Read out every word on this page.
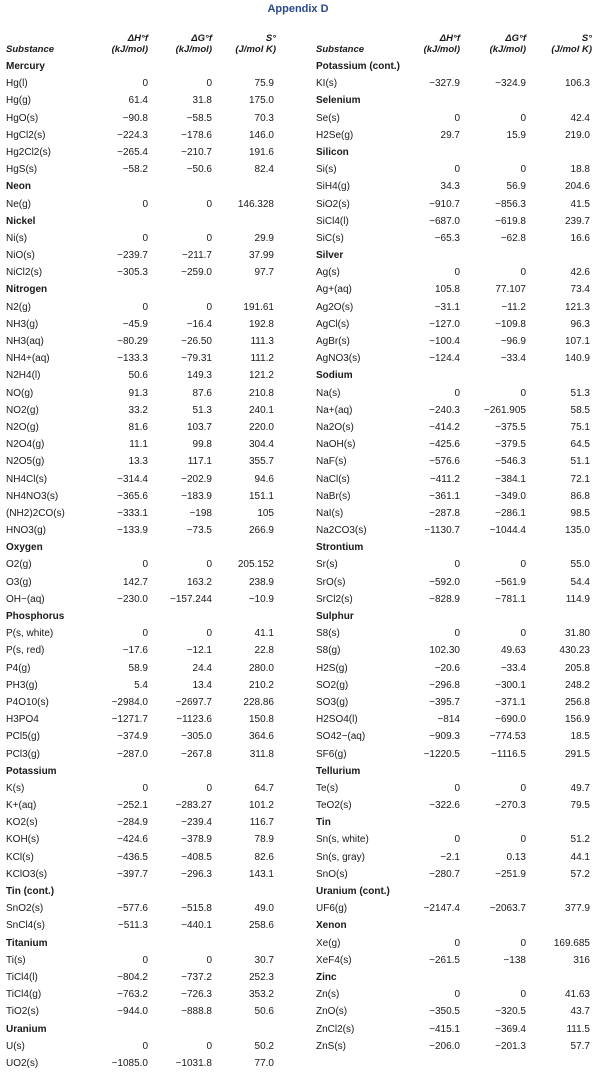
Appendix D
Substance
ΔH°f
(kJ/mol)
ΔG°f
(kJ/mol)
S°
(J/mol K)
Mercury
Hg(l)	0	0	75.9
Hg(g)	61.4	31.8	175.0
HgO(s)	−90.8	−58.5	70.3
HgCl2(s)	−224.3	−178.6	146.0
Hg2Cl2(s)	−265.4	−210.7	191.6
HgS(s)	−58.2	−50.6	82.4
Neon
Ne(g)	0	0	146.328
Nickel
Ni(s)	0	0	29.9
NiO(s)	−239.7	−211.7	37.99
NiCl2(s)	−305.3	−259.0	97.7
Nitrogen
N2(g)	0	0	191.61
NH3(g)	−45.9	−16.4	192.8
NH3(aq)	−80.29	−26.50	111.3
NH4+(aq)	−133.3	−79.31	111.2
N2H4(l)	50.6	149.3	121.2
NO(g)	91.3	87.6	210.8
NO2(g)	33.2	51.3	240.1
N2O(g)	81.6	103.7	220.0
N2O4(g)	11.1	99.8	304.4
N2O5(g)	13.3	117.1	355.7
NH4Cl(s)	−314.4	−202.9	94.6
NH4NO3(s)	−365.6	−183.9	151.1
(NH2)2CO(s)	−333.1	−198	105
HNO3(g)	−133.9	−73.5	266.9
Oxygen
O2(g)	0	0	205.152
O3(g)	142.7	163.2	238.9
OH−(aq)	−230.0 −157.244	−10.9
Phosphorus
P(s, white)	0	0	41.1
P(s, red)	−17.6	−12.1	22.8
P4(g)	58.9	24.4	280.0
PH3(g)	5.4	13.4	210.2
P4O10(s)	−2984.0	−2697.7	228.86
H3PO4	−1271.7	−1123.6	150.8
PCl5(g)	−374.9	−305.0	364.6
PCl3(g)	−287.0	−267.8	311.8
Potassium
K(s)	0	0	64.7
K+(aq)	−252.1	−283.27	101.2
KO2(s)	−284.9	−239.4	116.7
KOH(s)	−424.6	−378.9	78.9
KCl(s)	−436.5	−408.5	82.6
KClO3(s)	−397.7	−296.3	143.1
Tin (cont.)
SnO2(s)	−577.6	−515.8	49.0
SnCl4(s)	−511.3	−440.1	258.6
Titanium
Ti(s)	0	0	30.7
TiCl4(l)	−804.2	−737.2	252.3
TiCl4(g)	−763.2	−726.3	353.2
TiO2(s)	−944.0	−888.8	50.6
Uranium
U(s)	0	0	50.2
UO2(s)	−1085.0	−1031.8	77.0
Substance
ΔH°f
(kJ/mol)
ΔG°f
(kJ/mol)
S°
(J/mol K)
Potassium (cont.)
KI(s)	−327.9	−324.9	106.3
Selenium
Se(s)	0	0	42.4
H2Se(g)	29.7	15.9	219.0
Silicon
Si(s)	0	0	18.8
SiH4(g)	34.3	56.9	204.6
SiO2(s)	−910.7	−856.3	41.5
SiCl4(l)	−687.0	−619.8	239.7
SiC(s)	−65.3	−62.8	16.6
Silver
Ag(s)	0	0	42.6
Ag+(aq)	105.8	77.107	73.4
Ag2O(s)	−31.1	−11.2	121.3
AgCl(s)	−127.0	−109.8	96.3
AgBr(s)	−100.4	−96.9	107.1
AgNO3(s)	−124.4	−33.4	140.9
Sodium
Na(s)	0	0	51.3
Na+(aq)	−240.3 −261.905	58.5
Na2O(s)	−414.2	−375.5	75.1
NaOH(s)	−425.6	−379.5	64.5
NaF(s)	−576.6	−546.3	51.1
NaCl(s)	−411.2	−384.1	72.1
NaBr(s)	−361.1	−349.0	86.8
NaI(s)	−287.8	−286.1	98.5
Na2CO3(s)	−1130.7	−1044.4	135.0
Strontium
Sr(s)	0	0	55.0
SrO(s)	−592.0	−561.9	54.4
SrCl2(s)	−828.9	−781.1	114.9
Sulphur
S8(s)	0	0	31.80
S8(g)	102.30	49.63	430.23
H2S(g)	−20.6	−33.4	205.8
SO2(g)	−296.8	−300.1	248.2
SO3(g)	−395.7	−371.1	256.8
H2SO4(l)	−814	−690.0	156.9
SO42−(aq)	−909.3	−774.53	18.5
SF6(g)	−1220.5	−1116.5	291.5
Tellurium
Te(s)	0	0	49.7
TeO2(s)	−322.6	−270.3	79.5
Tin
Sn(s, white)	0	0	51.2
Sn(s, gray)	−2.1	0.13	44.1
SnO(s)	−280.7	−251.9	57.2
Uranium (cont.)
UF6(g)	−2147.4	−2063.7	377.9
Xenon
Xe(g)	0	0	169.685
XeF4(s)	−261.5	−138	316
Zinc
Zn(s)	0	0	41.63
ZnO(s)	−350.5	−320.5	43.7
ZnCl2(s)	−415.1	−369.4	111.5
ZnS(s)	−206.0	−201.3	57.7
